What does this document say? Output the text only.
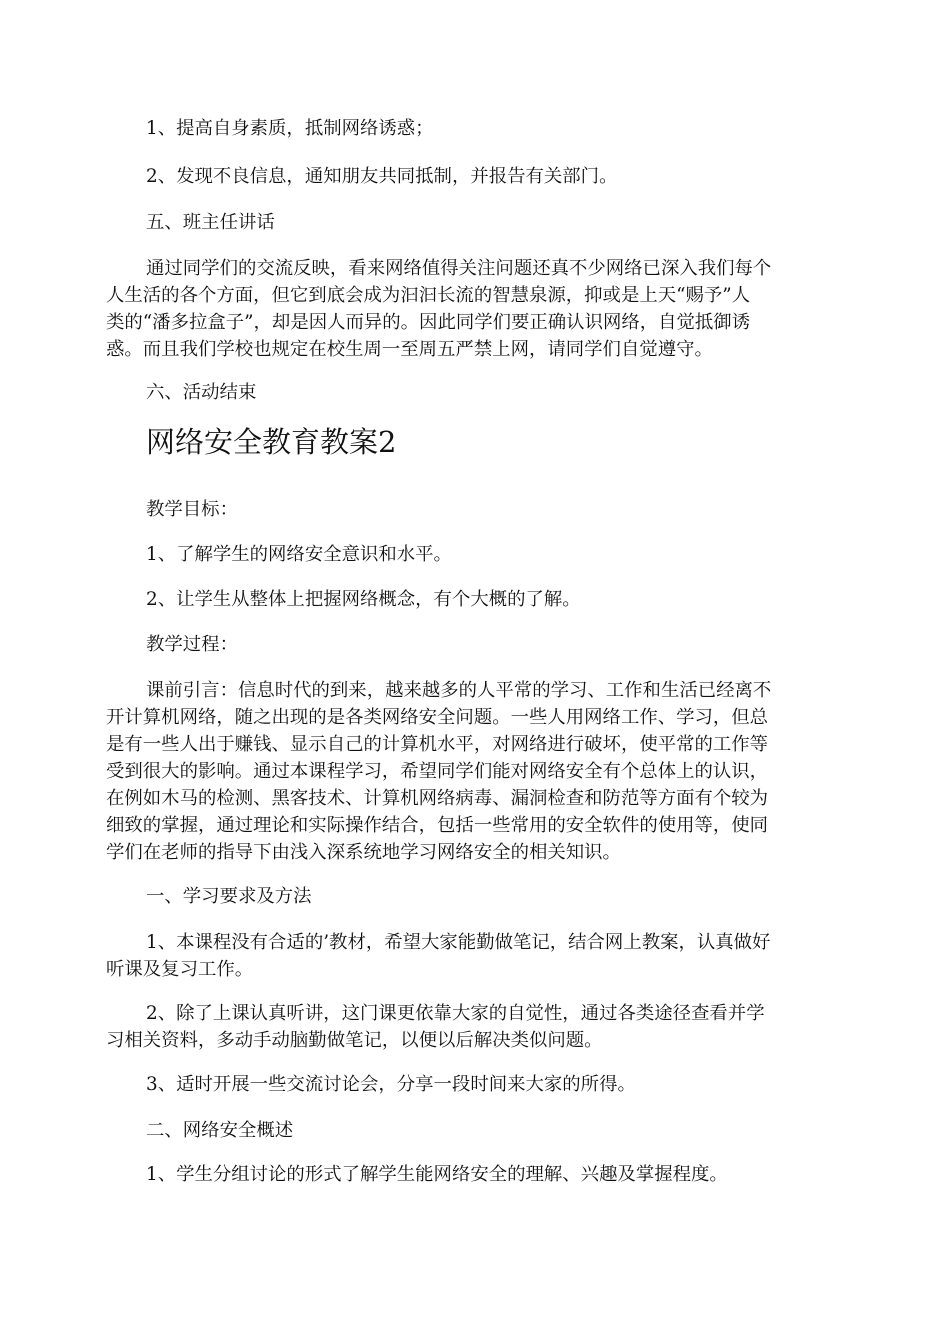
1、提高自身素质，抵制网络诱惑；
2、发现不良信息，通知朋友共同抵制，并报告有关部门。
五、班主任讲话
通过同学们的交流反映，看来网络值得关注问题还真不少网络已深入我们每个
人生活的各个方面，但它到底会成为汩汩长流的智慧泉源，抑或是上天“赐予”人
类的“潘多拉盒子”，却是因人而异的。因此同学们要正确认识网络，自觉抵御诱
惑。而且我们学校也规定在校生周一至周五严禁上网，请同学们自觉遵守。
六、活动结束
网络安全教育教案2
教学目标：
1、了解学生的网络安全意识和水平。
2、让学生从整体上把握网络概念，有个大概的了解。
教学过程：
课前引言：信息时代的到来，越来越多的人平常的学习、工作和生活已经离不
开计算机网络，随之出现的是各类网络安全问题。一些人用网络工作、学习，但总
是有一些人出于赚钱、显示自己的计算机水平，对网络进行破坏，使平常的工作等
受到很大的影响。通过本课程学习，希望同学们能对网络安全有个总体上的认识，
在例如木马的检测、黑客技术、计算机网络病毒、漏洞检查和防范等方面有个较为
细致的掌握，通过理论和实际操作结合，包括一些常用的安全软件的使用等，使同
学们在老师的指导下由浅入深系统地学习网络安全的相关知识。
一、学习要求及方法
1、本课程没有合适的’教材，希望大家能勤做笔记，结合网上教案，认真做好
听课及复习工作。
2、除了上课认真听讲，这门课更依靠大家的自觉性，通过各类途径查看并学
习相关资料，多动手动脑勤做笔记，以便以后解决类似问题。
3、适时开展一些交流讨论会，分享一段时间来大家的所得。
二、网络安全概述
1、学生分组讨论的形式了解学生能网络安全的理解、兴趣及掌握程度。
